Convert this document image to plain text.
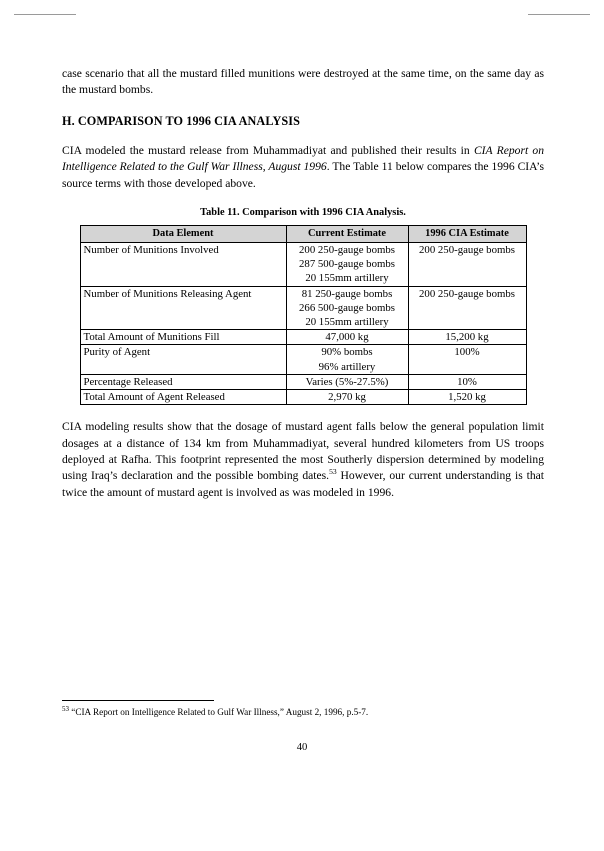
case scenario that all the mustard filled munitions were destroyed at the same time, on the same day as the mustard bombs.

H. COMPARISON TO 1996 CIA ANALYSIS

CIA modeled the mustard release from Muhammadiyat and published their results in CIA Report on Intelligence Related to the Gulf War Illness, August 1996. The Table 11 below compares the 1996 CIA’s source terms with those developed above.

Table 11. Comparison with 1996 CIA Analysis.

Data Element	Current Estimate	1996 CIA Estimate
Number of Munitions Involved	200 250-gauge bombs
287 500-gauge bombs
20 155mm artillery	200 250-gauge bombs

Number of Munitions Releasing Agent	81 250-gauge bombs
266 500-gauge bombs
20 155mm artillery	200 250-gauge bombs

Total Amount of Munitions Fill	47,000 kg	15,200 kg

Purity of Agent	90% bombs
96% artillery	100%

Percentage Released	Varies (5%-27.5%)	10%

Total Amount of Agent Released	2,970 kg	1,520 kg

CIA modeling results show that the dosage of mustard agent falls below the general population limit dosages at a distance of 134 km from Muhammadiyat, several hundred kilometers from US troops deployed at Rafha. This footprint represented the most Southerly dispersion determined by modeling using Iraq’s declaration and the possible bombing dates.$^{53}$ However, our current understanding is that twice the amount of mustard agent is involved as was modeled in 1996.

$^{53}$ “CIA Report on Intelligence Related to Gulf War Illness,” August 2, 1996, p.5-7.

40
